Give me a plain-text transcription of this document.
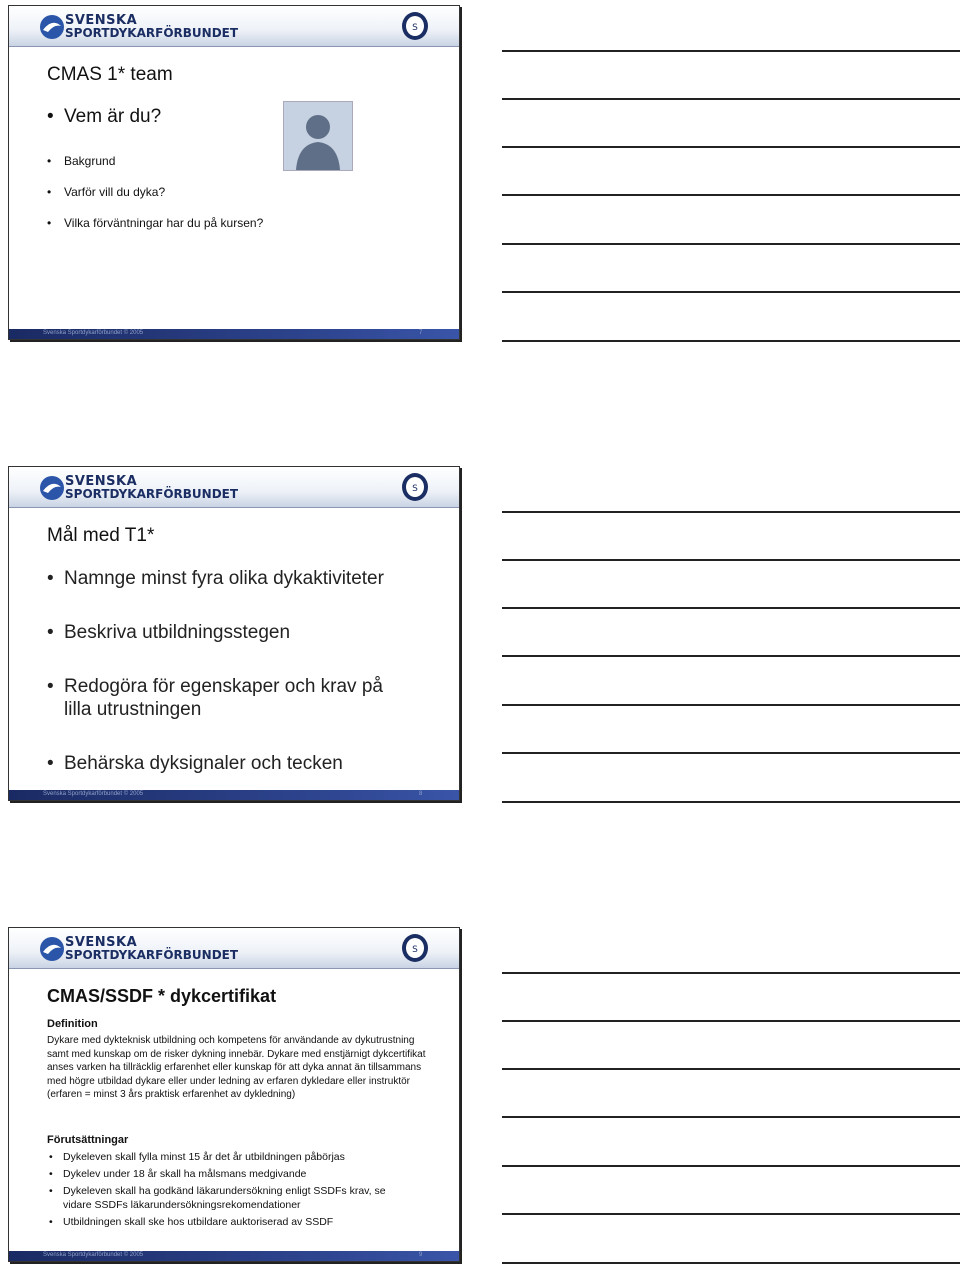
SVENSKA
SPORTDYKARFÖRBUNDET	S
CMAS 1* team
• Vem är du?
• Bakgrund
• Varför vill du dyka?
• Vilka förväntningar har du på kursen?
Svenska Sportdykarförbundet © 2005	7
SVENSKA
SPORTDYKARFÖRBUNDET	S
Mål med T1*
• Namnge minst fyra olika dykaktiviteter
• Beskriva utbildningsstegen
• Redogöra för egenskaper och krav på lilla utrustningen
• Behärska dyksignaler och tecken
Svenska Sportdykarförbundet © 2005	8
SVENSKA
SPORTDYKARFÖRBUNDET	S
CMAS/SSDF * dykcertifikat
Definition
Dykare med dykteknisk utbildning och kompetens för användande av dykutrustning samt med kunskap om de risker dykning innebär. Dykare med enstjärnigt dykcertifikat anses varken ha tillräcklig erfarenhet eller kunskap för att dyka annat än tillsammans med högre utbildad dykare eller under ledning av erfaren dykledare eller instruktör (erfaren = minst 3 års praktisk erfarenhet av dykledning)
Förutsättningar
• Dykeleven skall fylla minst 15 år det år utbildningen påbörjas
• Dykelev under 18 år skall ha målsmans medgivande
• Dykeleven skall ha godkänd läkarundersökning enligt SSDFs krav, se vidare SSDFs läkarundersökningsrekomendationer
• Utbildningen skall ske hos utbildare auktoriserad av SSDF
Svenska Sportdykarförbundet © 2005	9
